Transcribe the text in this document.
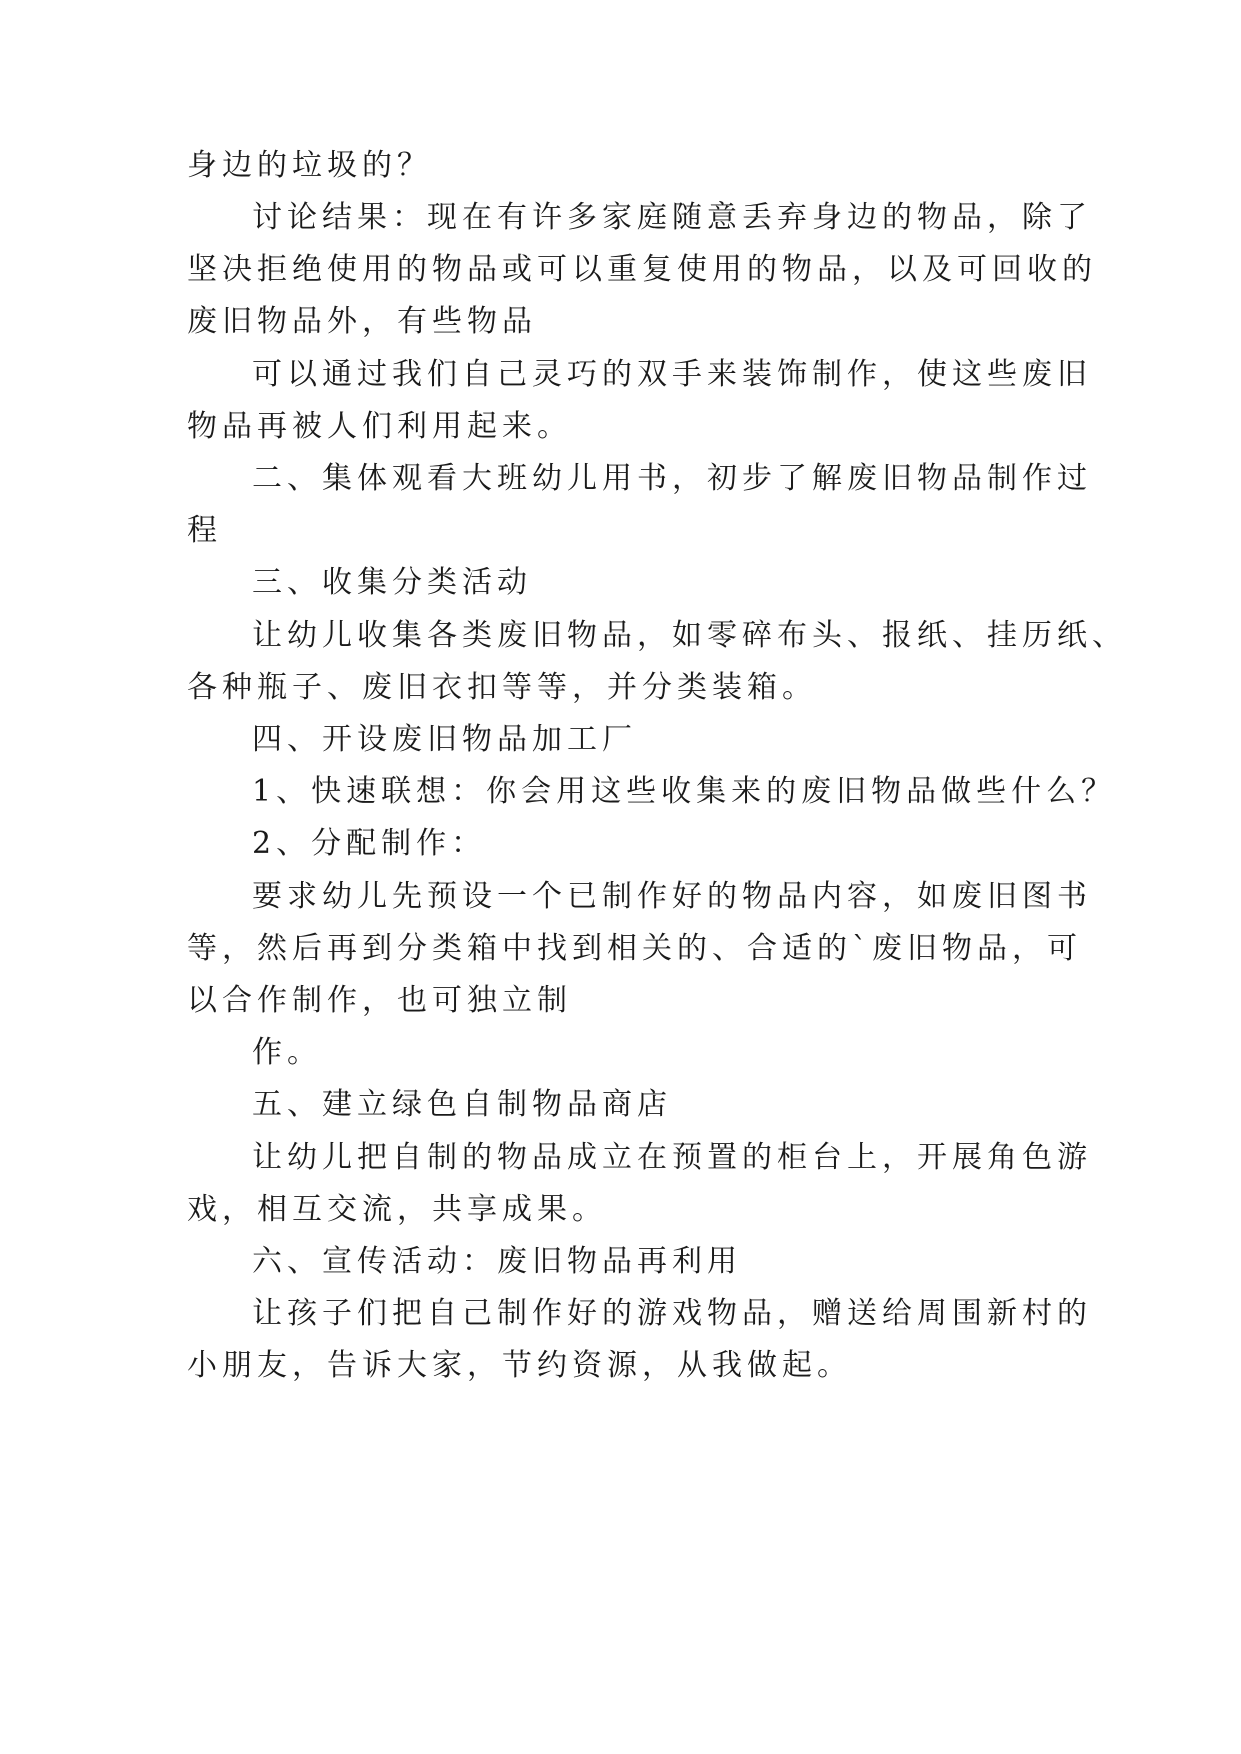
身边的垃圾的？
讨论结果：现在有许多家庭随意丢弃身边的物品，除了
坚决拒绝使用的物品或可以重复使用的物品，以及可回收的
废旧物品外，有些物品
可以通过我们自己灵巧的双手来装饰制作，使这些废旧
物品再被人们利用起来。
二、集体观看大班幼儿用书，初步了解废旧物品制作过
程
三、收集分类活动
让幼儿收集各类废旧物品，如零碎布头、报纸、挂历纸、
各种瓶子、废旧衣扣等等，并分类装箱。
四、开设废旧物品加工厂
1、快速联想：你会用这些收集来的废旧物品做些什么？
2、分配制作：
要求幼儿先预设一个已制作好的物品内容，如废旧图书
等，然后再到分类箱中找到相关的、合适的`废旧物品，可
以合作制作，也可独立制
作。
五、建立绿色自制物品商店
让幼儿把自制的物品成立在预置的柜台上，开展角色游
戏，相互交流，共享成果。
六、宣传活动：废旧物品再利用
让孩子们把自己制作好的游戏物品，赠送给周围新村的
小朋友，告诉大家，节约资源，从我做起。
